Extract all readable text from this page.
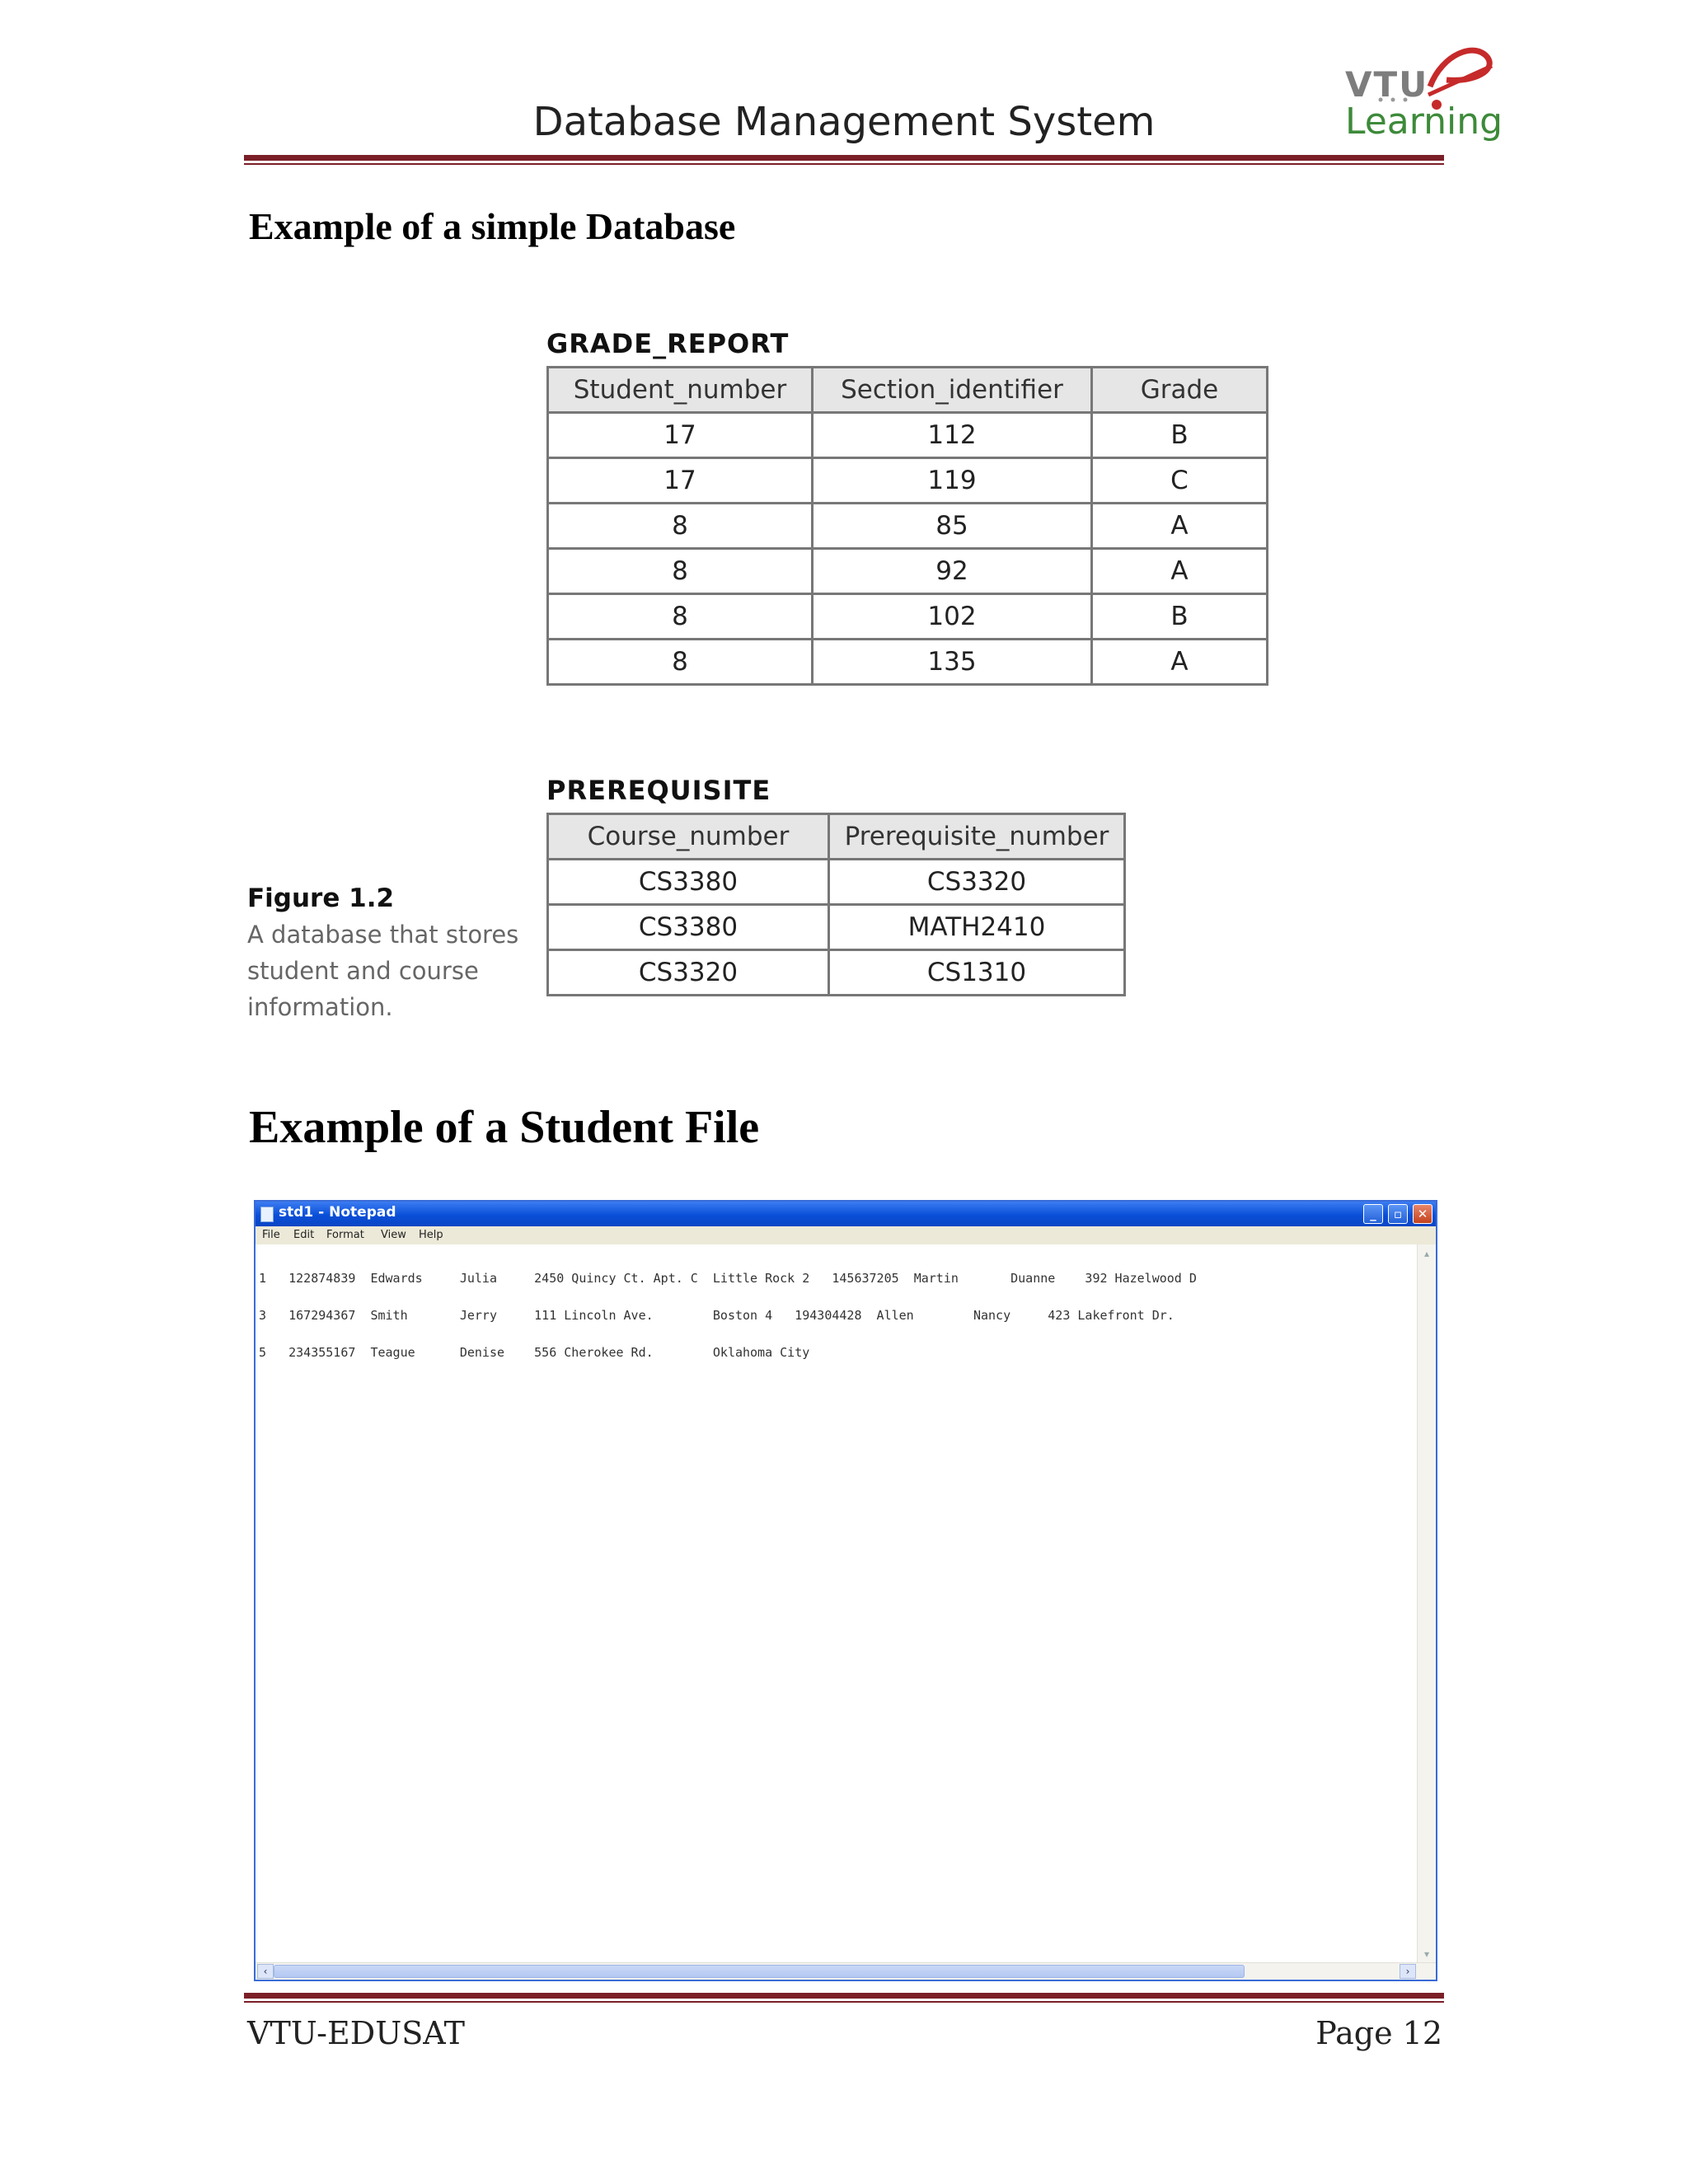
Database Management System
VTU
Learning
Example of a simple Database
GRADE_REPORT
Student_number	Section_identifier	Grade
17	112	B
17	119	C
8	85	A
8	92	A
8	102	B
8	135	A
PREREQUISITE
Course_number	Prerequisite_number
CS3380	CS3320
CS3380	MATH2410
CS3320	CS1310
Figure 1.2
A database that stores student and course information.
Example of a Student File
std1 - Notepad	_	▫	✕
File Edit Format View Help

1   122874839  Edwards     Julia     2450 Quincy Ct. Apt. C  Little Rock 2   145637205  Martin       Duanne    392 Hazelwood D

3   167294367  Smith       Jerry     111 Lincoln Ave.        Boston 4   194304428  Allen        Nancy     423 Lakefront Dr.

5   234355167  Teague      Denise    556 Cherokee Rd.        Oklahoma City

▴
▾
‹	›
VTU-EDUSAT	Page 12
